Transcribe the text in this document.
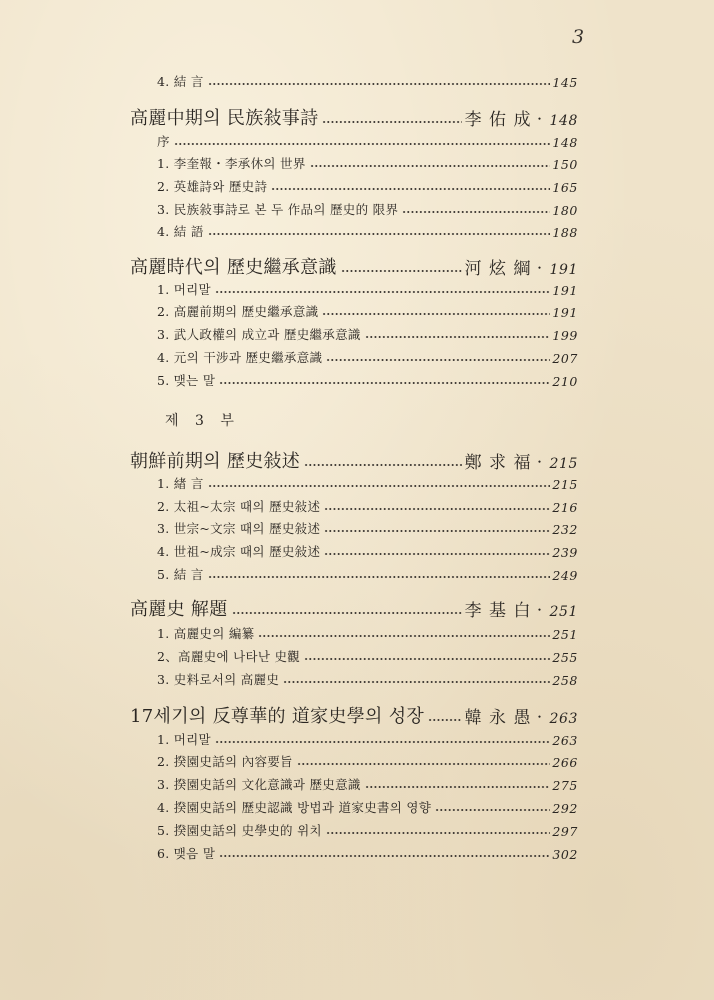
3
4. 結 言	145
高麗中期의 民族敍事詩	李 佑 成 ・ 148
序	148
1. 李奎報・李承休의 世界	150
2. 英雄詩와 歷史詩	165
3. 民族敍事詩로 본 두 作品의 歷史的 限界	180
4. 結 語	188
高麗時代의 歷史繼承意識	河 炫 綱 ・ 191
1. 머리말	191
2. 高麗前期의 歷史繼承意識	191
3. 武人政權의 成立과 歷史繼承意識	199
4. 元의 干涉과 歷史繼承意識	207
5. 맺는 말	210
제 3 부
朝鮮前期의 歷史敍述	鄭 求 福 ・ 215
1. 緖 言	215
2. 太祖~太宗 때의 歷史敍述	216
3. 世宗~文宗 때의 歷史敍述	232
4. 世祖~成宗 때의 歷史敍述	239
5. 結 言	249
高麗史 解題	李 基 白 ・ 251
1. 高麗史의 編纂	251
2、高麗史에 나타난 史觀	255
3. 史料로서의 高麗史	258
17세기의 反尊華的 道家史學의 성장 韓 永 愚 ・ 263
1. 머리말	263
2. 揆園史話의 內容要旨	266
3. 揆園史話의 文化意識과 歷史意識	275
4. 揆園史話의 歷史認識 방법과 道家史書의 영향	292
5. 揆園史話의 史學史的 위치	297
6. 맺음 말	302
